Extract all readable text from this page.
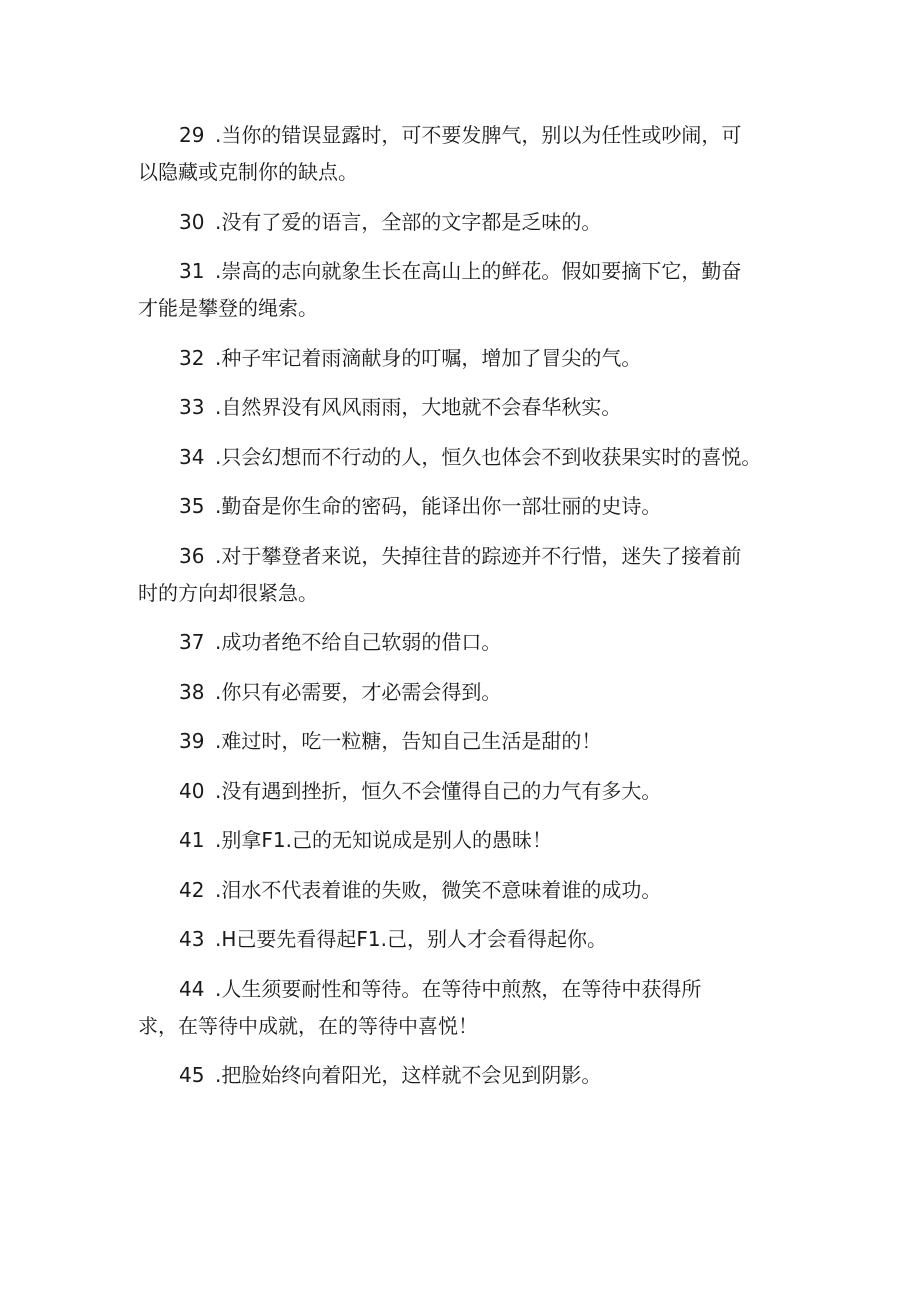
29 .当你的错误显露时，可不要发脾气，别以为任性或吵闹，可
以隐藏或克制你的缺点。
30 .没有了爱的语言，全部的文字都是乏味的。
31 .崇高的志向就象生长在高山上的鲜花。假如要摘下它，勤奋
才能是攀登的绳索。
32 .种子牢记着雨滴献身的叮嘱，增加了冒尖的气。
33 .自然界没有风风雨雨，大地就不会春华秋实。
34 .只会幻想而不行动的人，恒久也体会不到收获果实时的喜悦。
35 .勤奋是你生命的密码，能译出你一部壮丽的史诗。
36 .对于攀登者来说，失掉往昔的踪迹并不行惜，迷失了接着前
时的方向却很紧急。
37 .成功者绝不给自己软弱的借口。
38 .你只有必需要，才必需会得到。
39 .难过时，吃一粒糖，告知自己生活是甜的！
40 .没有遇到挫折，恒久不会懂得自己的力气有多大。
41 .别拿F1.己的无知说成是别人的愚昧！
42 .泪水不代表着谁的失败，微笑不意味着谁的成功。
43 .H己要先看得起F1.己，别人才会看得起你。
44 .人生须要耐性和等待。在等待中煎熬，在等待中获得所
求，在等待中成就，在的等待中喜悦！
45 .把脸始终向着阳光，这样就不会见到阴影。
